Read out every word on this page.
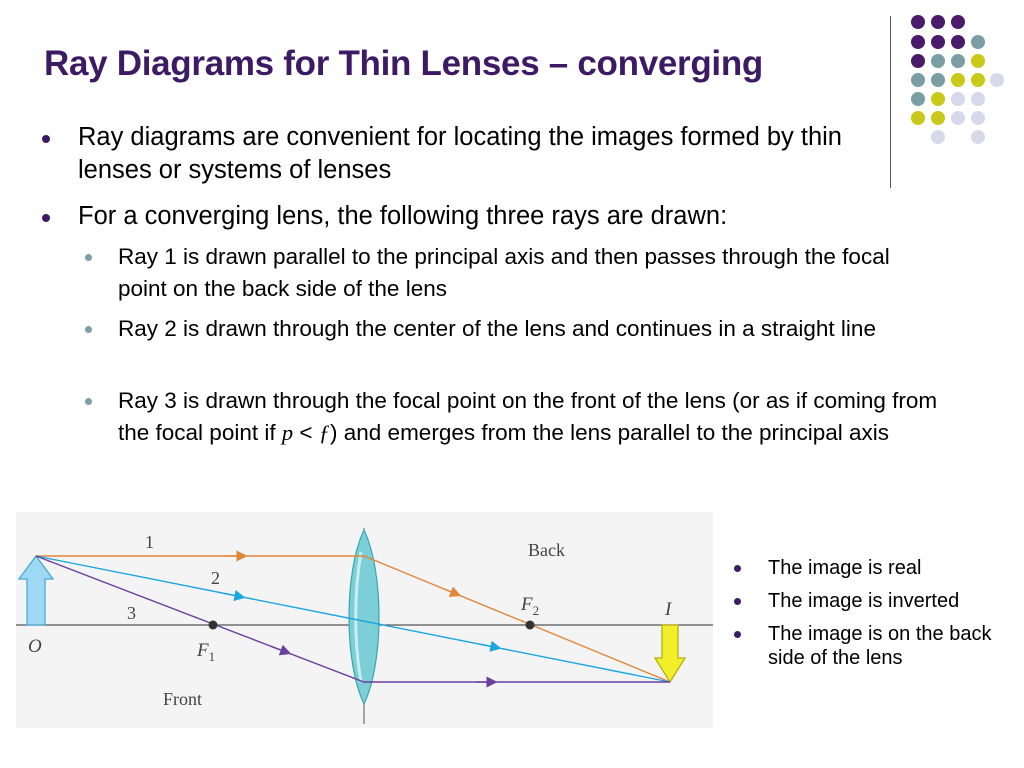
Ray Diagrams for Thin Lenses – converging
Ray diagrams are convenient for locating the images formed by thin lenses or systems of lenses
For a converging lens, the following three rays are drawn:
Ray 1 is drawn parallel to the principal axis and then passes through the focal point on the back side of the lens
Ray 2 is drawn through the center of the lens and continues in a straight line
Ray 3 is drawn through the focal point on the front of the lens (or as if coming from the focal point if p < ƒ) and emerges from the lens parallel to the principal axis
1
2
3
Back
Front
O
I
$F_1$
$F_2$
The image is real
The image is inverted
The image is on the back side of the lens
